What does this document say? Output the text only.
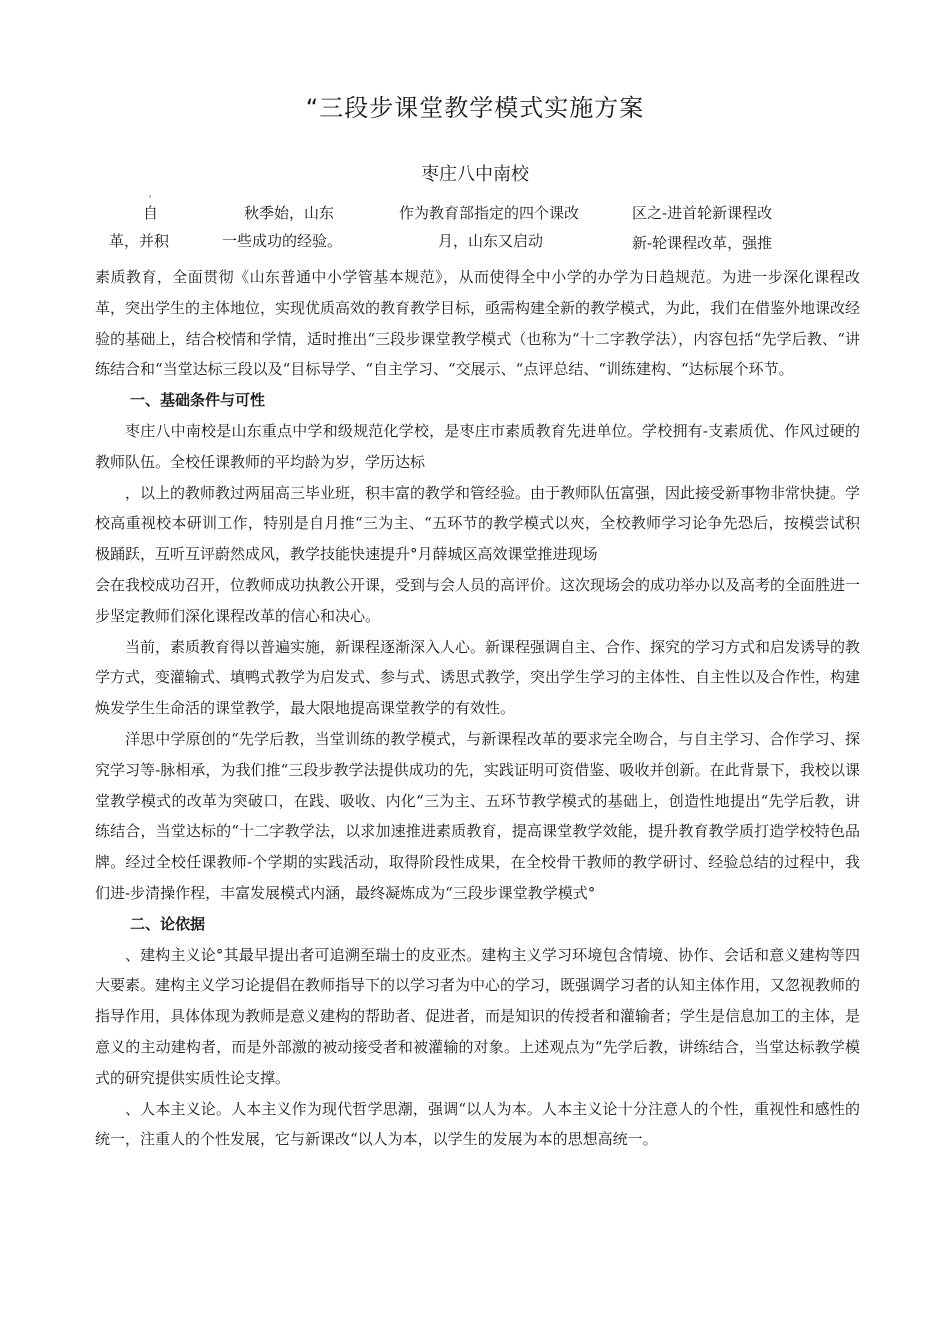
“三段步课堂教学模式实施方案
枣庄八中南校
´
自	秋季始，山东	作为教育部指定的四个课改	区之-进首轮新课程改
革，并积	一些成功的经验。	月，山东又启动	新-轮课程改革，强推

素质教育，全面贯彻《山东普通中小学管基本规范》，从而使得全中小学的办学为日趋规范。为进一步深化课程改革，突出学生的主体地位，实现优质高效的教育教学目标，亟需构建全新的教学模式，为此，我们在借鉴外地课改经验的基础上，结合校情和学情，适时推出“三段步课堂教学模式（也称为“十二字教学法），内容包括“先学后教、“讲练结合和“当堂达标三段以及“目标导学、“自主学习、“交展示、“点评总结、“训练建构、“达标展个环节。

一、基础条件与可性

枣庄八中南校是山东重点中学和级规范化学校，是枣庄市素质教育先进单位。学校拥有-支素质优、作风过硬的教师队伍。全校任课教师的平均龄为岁，学历达标

，以上的教师教过两届高三毕业班，积丰富的教学和管经验。由于教师队伍富强，因此接受新事物非常快捷。学校高重视校本研训工作，特别是自月推“三为主、“五环节的教学模式以夾，全校教师学习论争先恐后，按模尝试积极踊跃，互听互评蔚然成风，教学技能快速提升°月薛城区高效课堂推进现场

会在我校成功召开，位教师成功执教公开课，受到与会人员的高评价。这次现场会的成功举办以及高考的全面胜进一步坚定教师们深化课程改革的信心和决心。

当前，素质教育得以普遍实施，新课程逐渐深入人心。新课程强调自主、合作、探究的学习方式和启发诱导的教学方式，变灌输式、填鸭式教学为启发式、参与式、诱思式教学，突出学生学习的主体性、自主性以及合作性，构建焕发学生生命活的课堂教学，最大限地提高课堂教学的有效性。

洋思中学原创的“先学后教，当堂训练的教学模式，与新课程改革的要求完全吻合，与自主学习、合作学习、探究学习等-脉相承，为我们推“三段步教学法提供成功的先，实践证明可资借鉴、吸收并创新。在此背景下，我校以课堂教学模式的改革为突破口，在践、吸收、内化“三为主、五环节教学模式的基础上，创造性地提出“先学后教，讲练结合，当堂达标的“十二字教学法，以求加速推进素质教育，提高课堂教学效能，提升教育教学质打造学校特色品牌。经过全校任课教师-个学期的实践活动，取得阶段性成果，在全校骨干教师的教学研讨、经验总结的过程中，我们进-步清操作程，丰富发展模式内涵，最终凝炼成为“三段步课堂教学模式°

二、论依据

、建构主义论°其最早提出者可追溯至瑞士的皮亚杰。建构主义学习环境包含情境、协作、会话和意义建构等四大要素。建构主义学习论提倡在教师指导下的以学习者为中心的学习，既强调学习者的认知主体作用，又忽视教师的指导作用，具体体现为教师是意义建构的帮助者、促进者，而是知识的传授者和灌输者；学生是信息加工的主体，是意义的主动建构者，而是外部激的被动接受者和被灌输的对象。上述观点为“先学后教，讲练结合，当堂达标教学模式的研究提供实质性论支撑。

、人本主义论。人本主义作为现代哲学思潮，强调“以人为本。人本主义论十分注意人的个性，重视性和感性的统一，注重人的个性发展，它与新课改“以人为本，以学生的发展为本的思想高统一。
